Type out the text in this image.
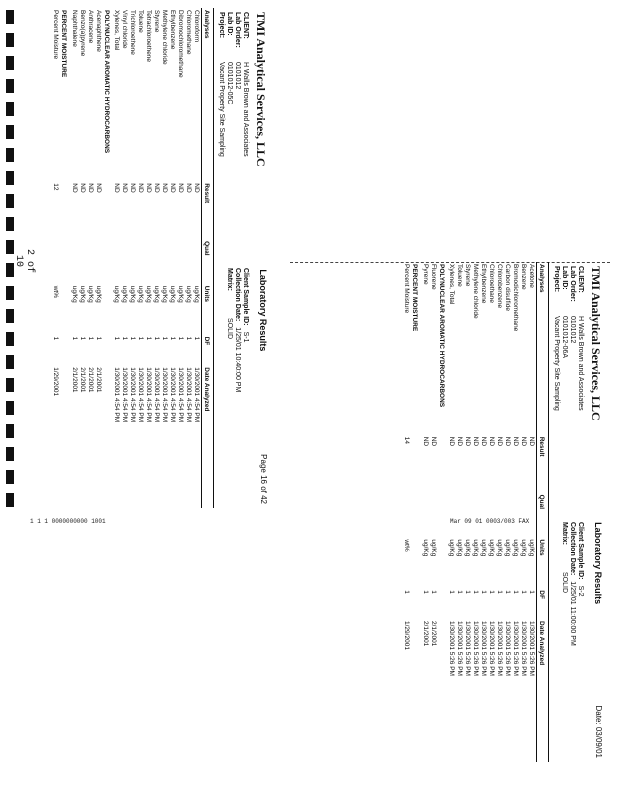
2 of 10
TMI Analytical Services, LLC
Laboratory Results
Page 16 of 42
CLIENT:
H Walls Brown and Associates
Client Sample ID:
S-1
Lab Order:
0101012
Collection Date:
1/25/01 10:40:00 PM
Lab ID:
0101012-05C
Matrix:
SOLID
Project:
Vacant Property Site Sampling
Analyses	Result	Qual	Units	DF	Date Analyzed
Chloroform	ND		ug/Kg	1	1/30/2001 4:54 PM
Chloromethane	ND		ug/Kg	1	1/30/2001 4:54 PM
Dibromochloromethane	ND		ug/Kg	1	1/30/2001 4:54 PM
Ethylbenzene	ND		ug/Kg	1	1/30/2001 4:54 PM
Methylene chloride	ND		ug/Kg	1	1/30/2001 4:54 PM
Styrene	ND		ug/Kg	1	1/30/2001 4:54 PM
Tetrachloroethene	ND		ug/Kg	1	1/30/2001 4:54 PM
Toluene	ND		ug/Kg	1	1/30/2001 4:54 PM
Trichloroethene	ND		ug/Kg	1	1/30/2001 4:54 PM
Vinyl chloride	ND		ug/Kg	1	1/30/2001 4:54 PM
Xylenes, Total	ND		ug/Kg	1	1/30/2001 4:54 PM
POLYNUCLEAR AROMATIC HYDROCARBONS					
Acenaphthene	ND		ug/Kg	1	2/1/2001
Anthracene	ND		ug/Kg	1	2/1/2001
Benzo(a)pyrene	ND		ug/Kg	1	2/1/2001
Naphthalene	ND		ug/Kg	1	2/1/2001
PERCENT MOISTURE					
Percent Moisture	12		wt%	1	1/29/2001	TMI Analytical Services, LLC
Laboratory Results
Date: 03/09/01
CLIENT:
H Walls Brown and Associates
Client Sample ID:
S-2
Lab Order:
0101012
Collection Date:
1/25/01 11:00:00 PM
Lab ID:
0101012-06A
Matrix:
SOLID
Project:
Vacant Property Site Sampling
Analyses	Result	Qual	Units	DF	Date Analyzed
Acetone	ND		ug/Kg	1	1/30/2001 5:26 PM
Benzene	ND		ug/Kg	1	1/30/2001 5:26 PM
Bromodichloromethane	ND		ug/Kg	1	1/30/2001 5:26 PM
Carbon disulfide	ND		ug/Kg	1	1/30/2001 5:26 PM
Chlorobenzene	ND		ug/Kg	1	1/30/2001 5:26 PM
Chloroethane	ND		ug/Kg	1	1/30/2001 5:26 PM
Ethylbenzene	ND		ug/Kg	1	1/30/2001 5:26 PM
Methylene chloride	ND		ug/Kg	1	1/30/2001 5:26 PM
Styrene	ND		ug/Kg	1	1/30/2001 5:26 PM
Toluene	ND		ug/Kg	1	1/30/2001 5:26 PM
Xylenes, Total	ND		ug/Kg	1	1/30/2001 5:26 PM
POLYNUCLEAR AROMATIC HYDROCARBONS					
Fluorene	ND		ug/Kg	1	2/1/2001
Pyrene	ND		ug/Kg	1	2/1/2001
PERCENT MOISTURE					
Percent Moisture	14		wt%	1	1/29/2001
1 1 1 0000000000 1001	Mar 09 01 0003/003 FAX
